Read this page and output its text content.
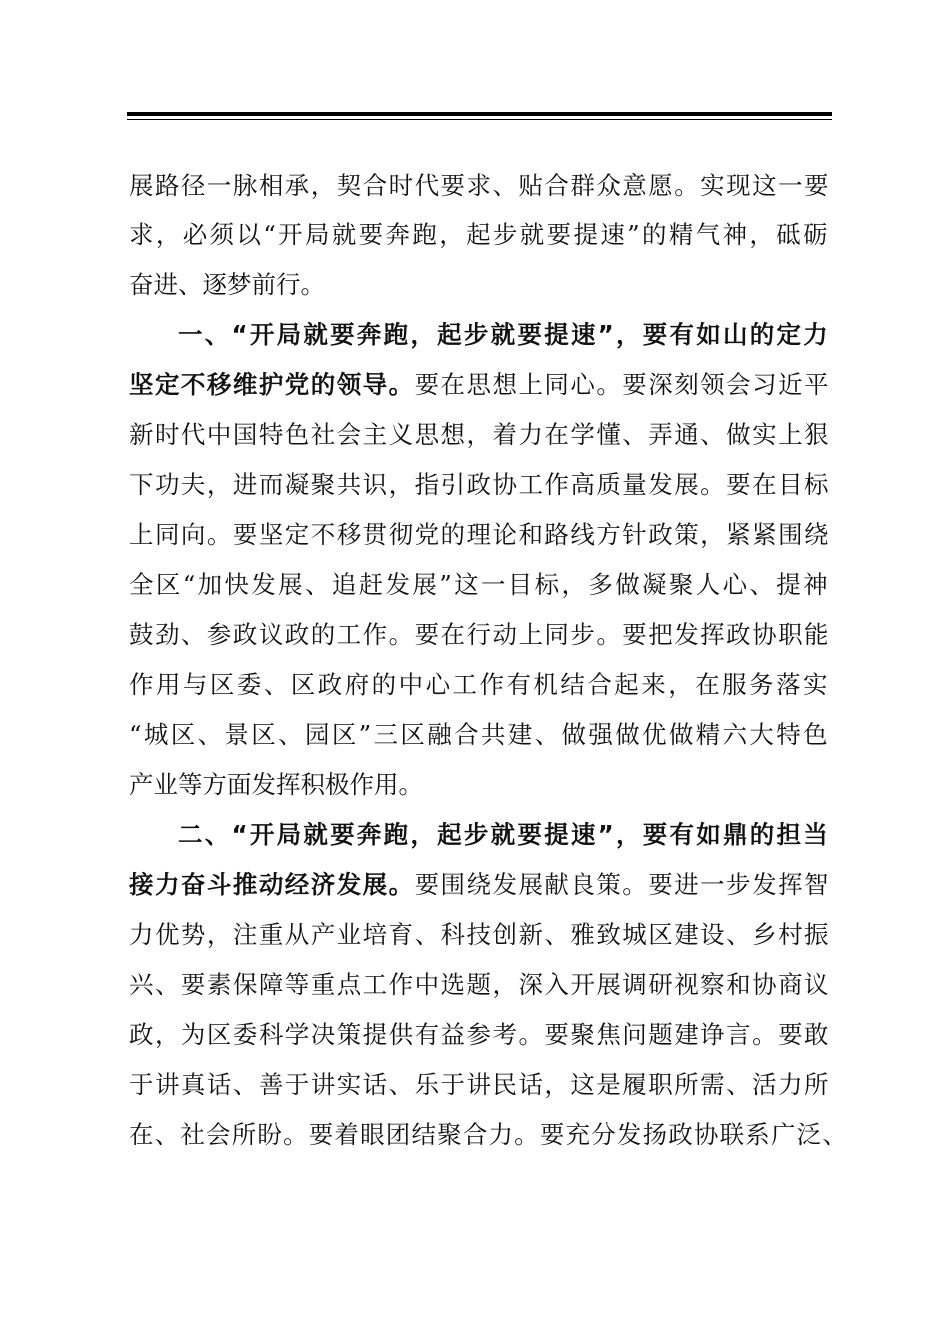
展路径一脉相承，契合时代要求、贴合群众意愿。实现这一要
求，必须以“开局就要奔跑，起步就要提速”的精气神，砥砺
奋进、逐梦前行。
一、“开局就要奔跑，起步就要提速”，要有如山的定力
坚定不移维护党的领导。要在思想上同心。要深刻领会习近平
新时代中国特色社会主义思想，着力在学懂、弄通、做实上狠
下功夫，进而凝聚共识，指引政协工作高质量发展。要在目标
上同向。要坚定不移贯彻党的理论和路线方针政策，紧紧围绕
全区“加快发展、追赶发展”这一目标，多做凝聚人心、提神
鼓劲、参政议政的工作。要在行动上同步。要把发挥政协职能
作用与区委、区政府的中心工作有机结合起来，在服务落实
“城区、景区、园区”三区融合共建、做强做优做精六大特色
产业等方面发挥积极作用。
二、“开局就要奔跑，起步就要提速”，要有如鼎的担当
接力奋斗推动经济发展。要围绕发展献良策。要进一步发挥智
力优势，注重从产业培育、科技创新、雅致城区建设、乡村振
兴、要素保障等重点工作中选题，深入开展调研视察和协商议
政，为区委科学决策提供有益参考。要聚焦问题建诤言。要敢
于讲真话、善于讲实话、乐于讲民话，这是履职所需、活力所
在、社会所盼。要着眼团结聚合力。要充分发扬政协联系广泛、
